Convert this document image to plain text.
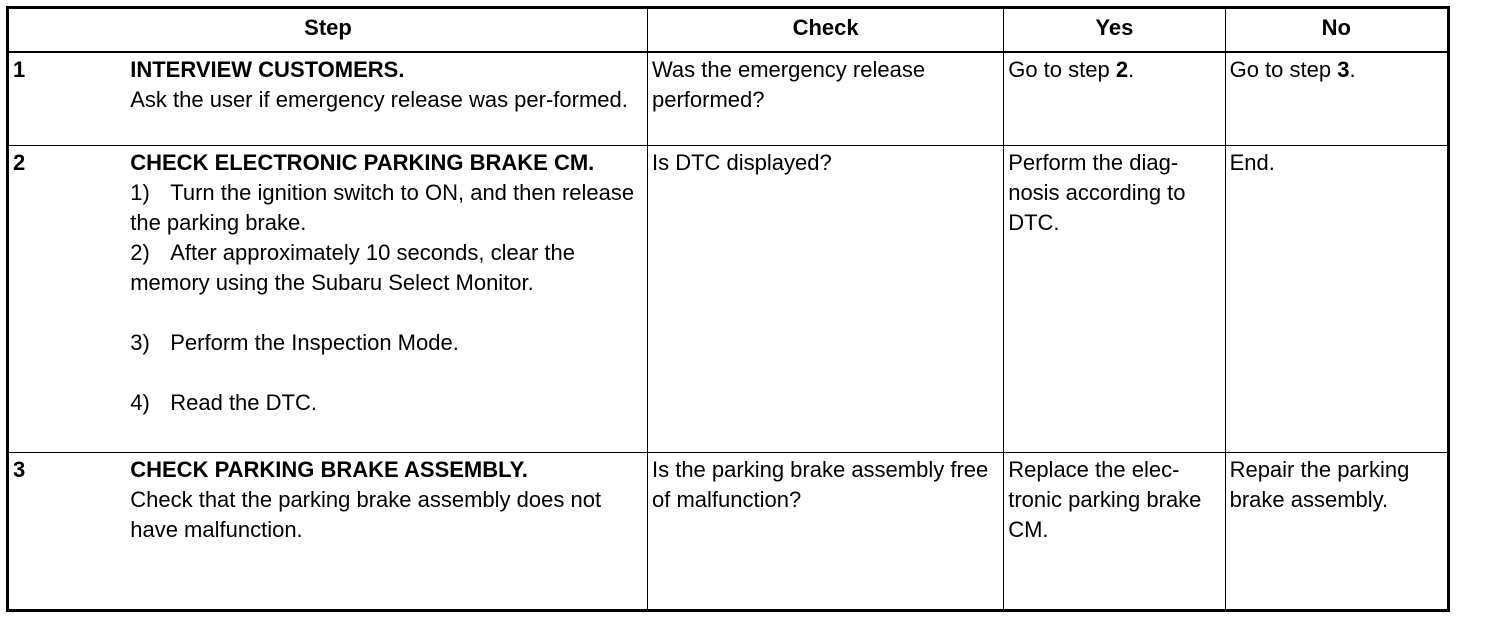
Step		Check	Yes	No
1	INTERVIEW CUSTOMERS.
Ask the user if emergency release was per-formed.	Was the emergency release performed?	Go to step 2.	Go to step 3.
2	CHECK ELECTRONIC PARKING BRAKE CM.
1) Turn the ignition switch to ON, and then release the parking brake.
2) After approximately 10 seconds, clear the memory using the Subaru Select Monitor.
3) Perform the Inspection Mode.
4) Read the DTC.	Is DTC displayed?	Perform the diag-nosis according to DTC.	End.
3	CHECK PARKING BRAKE ASSEMBLY.
Check that the parking brake assembly does not have malfunction.	Is the parking brake assembly free of malfunction?	Replace the elec-tronic parking brake CM.	Repair the parking brake assembly.
